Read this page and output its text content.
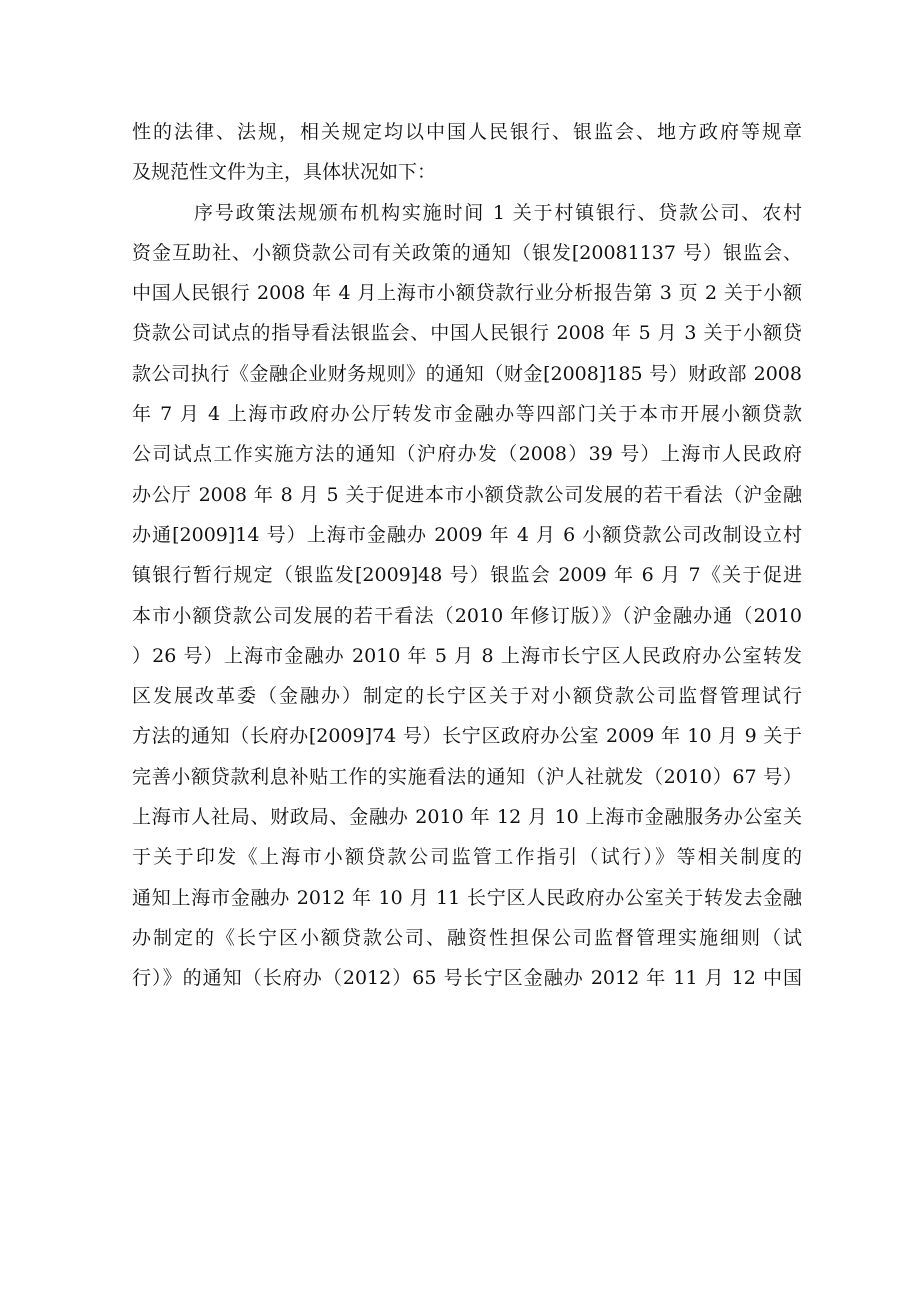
性的法律、法规，相关规定均以中国人民银行、银监会、地方政府等规章
及规范性文件为主，具体状况如下：
序号政策法规颁布机构实施时间 1 关于村镇银行、贷款公司、农村
资金互助社、小额贷款公司有关政策的通知（银发[20081137 号）银监会、
中国人民银行 2008 年 4 月上海市小额贷款行业分析报告第 3 页 2 关于小额
贷款公司试点的指导看法银监会、中国人民银行 2008 年 5 月 3 关于小额贷
款公司执行《金融企业财务规则》的通知（财金[2008]185 号）财政部 2008
年 7 月 4 上海市政府办公厅转发市金融办等四部门关于本市开展小额贷款
公司试点工作实施方法的通知（沪府办发（2008）39 号）上海市人民政府
办公厅 2008 年 8 月 5 关于促进本市小额贷款公司发展的若干看法（沪金融
办通[2009]14 号）上海市金融办 2009 年 4 月 6 小额贷款公司改制设立村
镇银行暂行规定（银监发[2009]48 号）银监会 2009 年 6 月 7《关于促进
本市小额贷款公司发展的若干看法（2010 年修订版）》（沪金融办通（2010
）26 号）上海市金融办 2010 年 5 月 8 上海市长宁区人民政府办公室转发
区发展改革委（金融办）制定的长宁区关于对小额贷款公司监督管理试行
方法的通知（长府办[2009]74 号）长宁区政府办公室 2009 年 10 月 9 关于
完善小额贷款利息补贴工作的实施看法的通知（沪人社就发（2010）67 号）
上海市人社局、财政局、金融办 2010 年 12 月 10 上海市金融服务办公室关
于关于印发《上海市小额贷款公司监管工作指引（试行）》等相关制度的
通知上海市金融办 2012 年 10 月 11 长宁区人民政府办公室关于转发去金融
办制定的《长宁区小额贷款公司、融资性担保公司监督管理实施细则（试
行）》的通知（长府办（2012）65 号长宁区金融办 2012 年 11 月 12 中国
